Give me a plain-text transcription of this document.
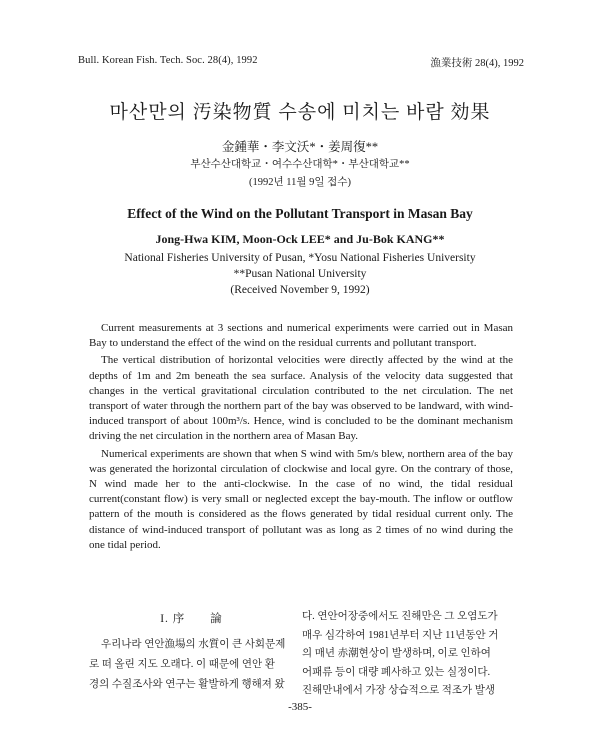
Bull. Korean Fish. Tech. Soc. 28(4), 1992	漁業技術 28(4), 1992
마산만의 汚染物質 수송에 미치는 바람 効果
金鍾華・李文沃*・姜周復**
부산수산대학교・여수수산대학*・부산대학교**
(1992년 11월 9일 접수)
Effect of the Wind on the Pollutant Transport in Masan Bay
Jong-Hwa KIM, Moon-Ock LEE* and Ju-Bok KANG**
National Fisheries University of Pusan, *Yosu National Fisheries University
**Pusan National University
(Received November 9, 1992)

Current measurements at 3 sections and numerical experiments were carried out in Masan Bay to understand the effect of the wind on the residual currents and pollutant transport.

The vertical distribution of horizontal velocities were directly affected by the wind at the depths of 1m and 2m beneath the sea surface. Analysis of the velocity data suggested that changes in the vertical gravitational circulation contributed to the net circulation. The net transport of water through the northern part of the bay was observed to be landward, with wind-induced transport of about 100m³/s. Hence, wind is concluded to be the dominant mechanism driving the net circulation in the northern area of Masan Bay.

Numerical experiments are shown that when S wind with 5m/s blew, northern area of the bay was generated the horizontal circulation of clockwise and local gyre. On the contrary of those, N wind made her to the anti-clockwise. In the case of no wind, the tidal residual current(constant flow) is very small or neglected except the bay-mouth. The inflow or outflow pattern of the mouth is considered as the flows generated by tidal residual current only. The distance of wind-induced transport of pollutant was as long as 2 times of no wind during the one tidal period.

I. 序　　論
우리나라 연안漁場의 水質이 큰 사회문제
로 떠 올린 지도 오래다. 이 때문에 연안 환
경의 수질조사와 연구는 활발하게 행해져 왔
다. 연안어장중에서도 진해만은 그 오염도가
매우 심각하여 1981년부터 지난 11년동안 거
의 매년 赤潮현상이 발생하며, 이로 인하여
어패류 등이 대량 폐사하고 있는 실정이다.
진해만내에서 가장 상습적으로 적조가 발생
-385-
